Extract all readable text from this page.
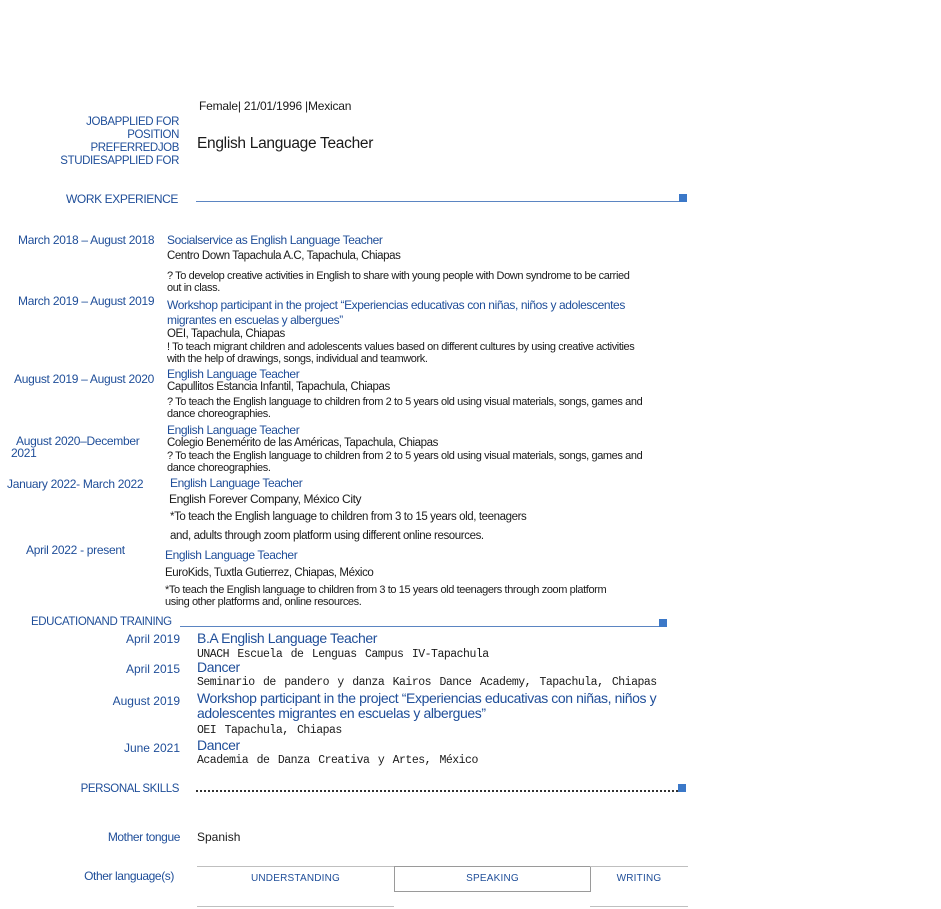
Female| 21/01/1996 |Mexican
JOBAPPLIED FOR
POSITION
PREFERREDJOB
STUDIESAPPLIED FOR
English Language Teacher
WORK EXPERIENCE
March 2018 – August 2018 Socialservice as English Language Teacher
Centro Down Tapachula A.C, Tapachula, Chiapas
? To develop creative activities in English to share with young people with Down syndrome to be carried out in class.
March 2019 – August 2019 Workshop participant in the project “Experiencias educativas con niñas, niños y adolescentes migrantes en escuelas y albergues”
OEI, Tapachula, Chiapas
! To teach migrant children and adolescents values based on different cultures by using creative activities with the help of drawings, songs, individual and teamwork.
August 2019 – August 2020 English Language Teacher
Capullitos Estancia Infantil, Tapachula, Chiapas
? To teach the English language to children from 2 to 5 years old using visual materials, songs, games and dance choreographies.
August 2020–December
2021
English Language Teacher
Colegio Benemérito de las Américas, Tapachula, Chiapas
? To teach the English language to children from 2 to 5 years old using visual materials, songs, games and dance choreographies.
January 2022- March 2022 English Language Teacher
English Forever Company, México City
*To teach the English language to children from 3 to 15 years old, teenagers
and, adults through zoom platform using different online resources.
April 2022 - present	English Language Teacher
EuroKids, Tuxtla Gutierrez, Chiapas, México
*To teach the English language to children from 3 to 15 years old teenagers through zoom platform using other platforms and, online resources.
EDUCATIONAND TRAINING
April 2019 B.A English Language Teacher
UNACH Escuela de Lenguas Campus IV-Tapachula
April 2015 Dancer
Seminario de pandero y danza Kairos Dance Academy, Tapachula, Chiapas
August 2019 Workshop participant in the project “Experiencias educativas con niñas, niños y adolescentes migrantes en escuelas y albergues”
OEI Tapachula, Chiapas
June 2021 Dancer
Academia de Danza Creativa y Artes, México
PERSONAL SKILLS
Mother tongue Spanish
Other language(s)	UNDERSTANDING	SPEAKING	WRITING
